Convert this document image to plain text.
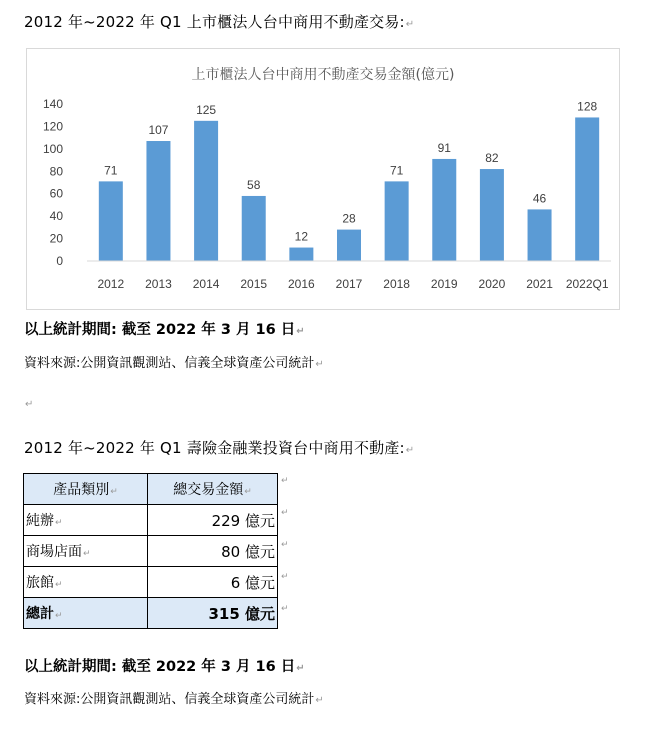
2012 年~2022 年 Q1 上市櫃法人台中商用不動產交易:↵
上市櫃法人台中商用不動產交易金額(億元)
0
20
40
60
80
100
120
140
71
107
125
58
12
28
71
91
82
46
128
2012 2013 2014 2015 2016 2017 2018 2019 2020 2021 2022Q1
以上統計期間: 截至 2022 年 3 月 16 日↵
資料來源:公開資訊觀測站、信義全球資產公司統計↵
↵
2012 年~2022 年 Q1 壽險金融業投資台中商用不動產:↵
產品類別↵	總交易金額↵
純辦↵	229 億元
商場店面↵	80 億元
旅館↵	6 億元
總計↵	315 億元
↵
↵
↵
↵
↵
以上統計期間: 截至 2022 年 3 月 16 日↵
資料來源:公開資訊觀測站、信義全球資產公司統計↵
